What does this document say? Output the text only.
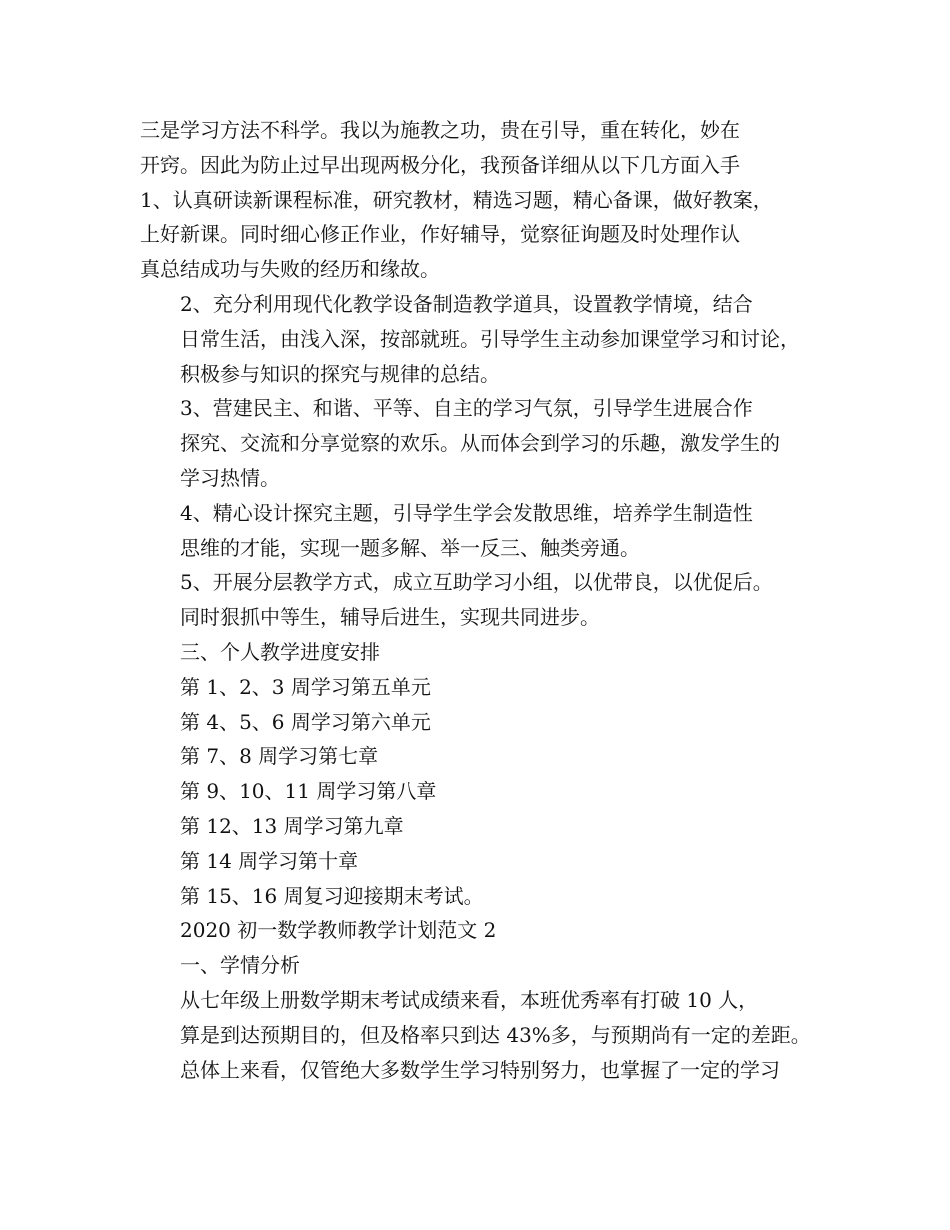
三是学习方法不科学。我以为施教之功，贵在引导，重在转化，妙在
开窍。因此为防止过早出现两极分化，我预备详细从以下几方面入手
1、认真研读新课程标准，研究教材，精选习题，精心备课，做好教案，
上好新课。同时细心修正作业，作好辅导，觉察征询题及时处理作认
真总结成功与失败的经历和缘故。
2、充分利用现代化教学设备制造教学道具，设置教学情境，结合
日常生活，由浅入深，按部就班。引导学生主动参加课堂学习和讨论，
积极参与知识的探究与规律的总结。
3、营建民主、和谐、平等、自主的学习气氛，引导学生进展合作
探究、交流和分享觉察的欢乐。从而体会到学习的乐趣，激发学生的
学习热情。
4、精心设计探究主题，引导学生学会发散思维，培养学生制造性
思维的才能，实现一题多解、举一反三、触类旁通。
5、开展分层教学方式，成立互助学习小组，以优带良，以优促后。
同时狠抓中等生，辅导后进生，实现共同进步。
三、个人教学进度安排
第 1、2、3 周学习第五单元
第 4、5、6 周学习第六单元
第 7、8 周学习第七章
第 9、10、11 周学习第八章
第 12、13 周学习第九章
第 14 周学习第十章
第 15、16 周复习迎接期末考试。
2020 初一数学教师教学计划范文 2
一、学情分析
从七年级上册数学期末考试成绩来看，本班优秀率有打破 10 人，
算是到达预期目的，但及格率只到达 43%多，与预期尚有一定的差距。
总体上来看，仅管绝大多数学生学习特别努力，也掌握了一定的学习
